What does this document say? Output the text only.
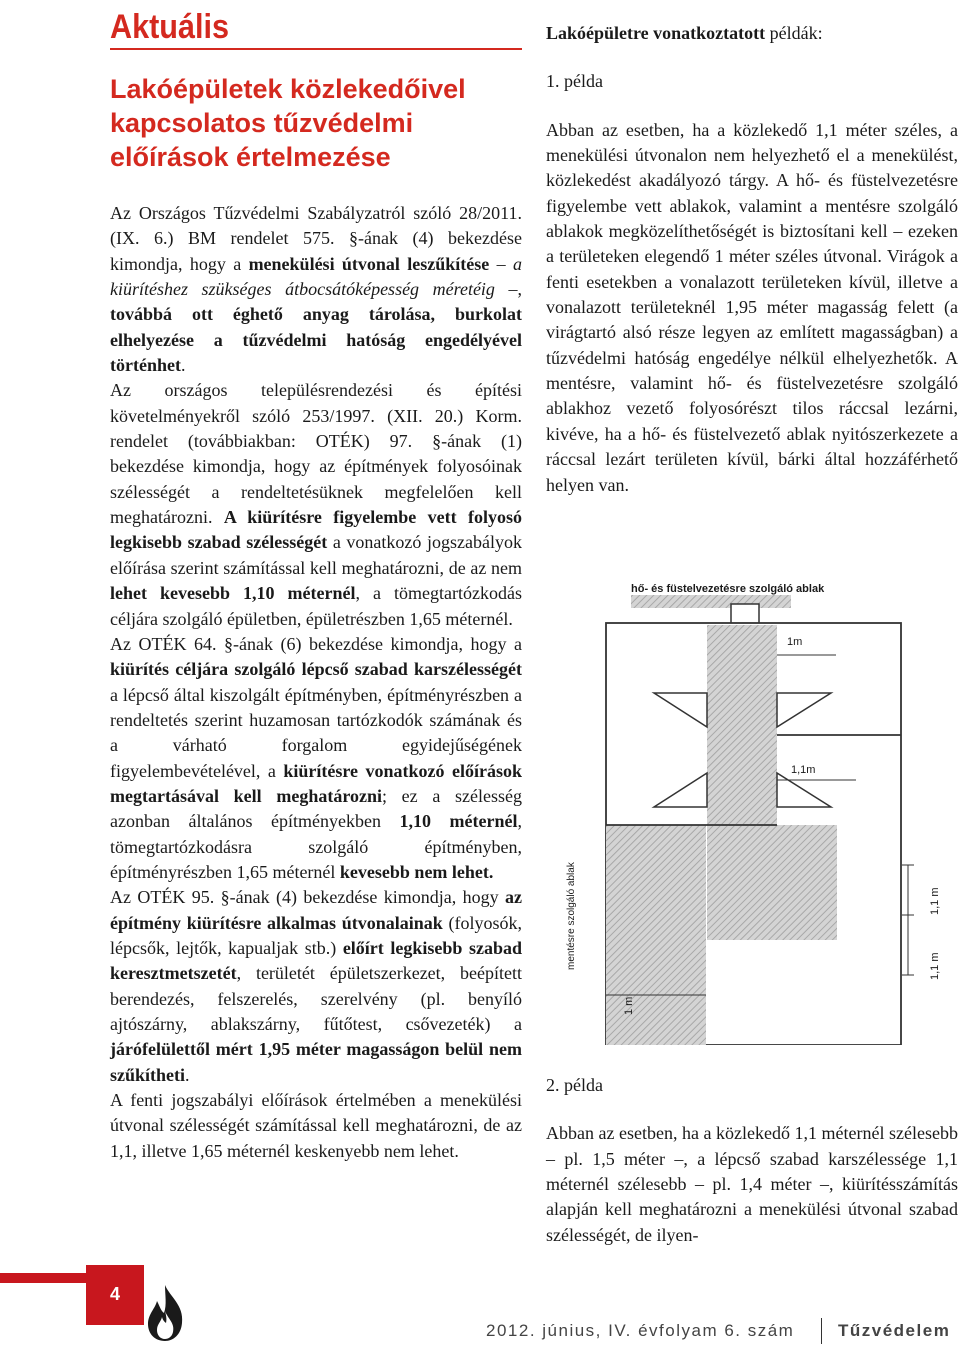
Aktuális
Lakóépületek közlekedőivel
kapcsolatos tűzvédelmi
előírások értelmezése

Az Országos Tűzvédelmi Szabályzatról szóló 28/2011. (IX. 6.) BM rendelet 575. §-ának (4) bekezdése kimondja, hogy a menekülési útvonal leszűkítése – a kiürítéshez szükséges átbocsátóképesség méretéig –, továbbá ott éghető anyag tárolása, burkolat elhelyezése a tűzvédelmi hatóság engedélyével történhet.

Az országos településrendezési és építési követelményekről szóló 253/1997. (XII. 20.) Korm. rendelet (továbbiakban: OTÉK) 97. §-ának (1) bekezdése kimondja, hogy az építmények folyosóinak szélességét a rendeltetésüknek megfelelően kell meghatározni. A kiürítésre figyelembe vett folyosó legkisebb szabad szélességét a vonatkozó jogszabályok előírása szerint számítással kell meghatározni, de az nem lehet kevesebb 1,10 méternél, a tömegtartózkodás céljára szolgáló épületben, épületrészben 1,65 méternél.

Az OTÉK 64. §-ának (6) bekezdése kimondja, hogy a kiürítés céljára szolgáló lépcső szabad karszélességét a lépcső által kiszolgált építményben, építményrészben a rendeltetés szerint huzamosan tartózkodók számának és a várható forgalom egyidejűségének figyelembevételével, a kiürítésre vonatkozó előírások megtartásával kell meghatározni; ez a szélesség azonban általános építményekben 1,10 méternél, tömegtartózkodásra szolgáló építményben, építményrészben 1,65 méternél kevesebb nem lehet.

Az OTÉK 95. §-ának (4) bekezdése kimondja, hogy az építmény kiürítésre alkalmas útvonalainak (folyosók, lépcsők, lejtők, kapualjak stb.) előírt legkisebb szabad keresztmetszetét, területét épületszerkezet, beépített berendezés, felszerelés, szerelvény (pl. benyíló ajtószárny, ablakszárny, fűtőtest, csővezeték) a járófelülettől mért 1,95 méter magasságon belül nem szűkítheti.

A fenti jogszabályi előírások értelmében a menekülési útvonal szélességét számítással kell meghatározni, de az 1,1, illetve 1,65 méternél keskenyebb nem lehet.

Lakóépületre vonatkoztatott példák:

1. példa

Abban az esetben, ha a közlekedő 1,1 méter széles, a menekülési útvonalon nem helyezhető el a menekülést, közlekedést akadályozó tárgy. A hő- és füstelvezetésre figyelembe vett ablakok, valamint a mentésre szolgáló ablakok megközelíthetőségét is biztosítani kell – ezeken a területeken elegendő 1 méter széles útvonal. Virágok a fenti esetekben a vonalazott területeken kívül, illetve a vonalazott területeknél 1,95 méter magasság felett (a virágtartó alsó része legyen az említett magasságban) a tűzvédelmi hatóság engedélye nélkül elhelyezhetők. A mentésre, valamint hő- és füstelvezetésre szolgáló ablakhoz vezető folyosórészt tilos ráccsal lezárni, kivéve, ha a hő- és füstelvezető ablak nyitószerkezete a ráccsal lezárt területen kívül, bárki által hozzáférhető helyen van.

hő- és füstelvezetésre szolgáló ablak
1m
1,1m
1,1 m
1,1 m
1 m
mentésre szolgáló ablak

2. példa

Abban az esetben, ha a közlekedő 1,1 méternél szélesebb – pl. 1,5 méter –, a lépcső szabad karszélessége 1,1 méternél szélesebb – pl. 1,4 méter –, kiürítésszámítás alapján kell meghatározni a menekülési útvonal szabad szélességét, de ilyen-

4
2012. június, IV. évfolyam 6. szám	Tűzvédelem
